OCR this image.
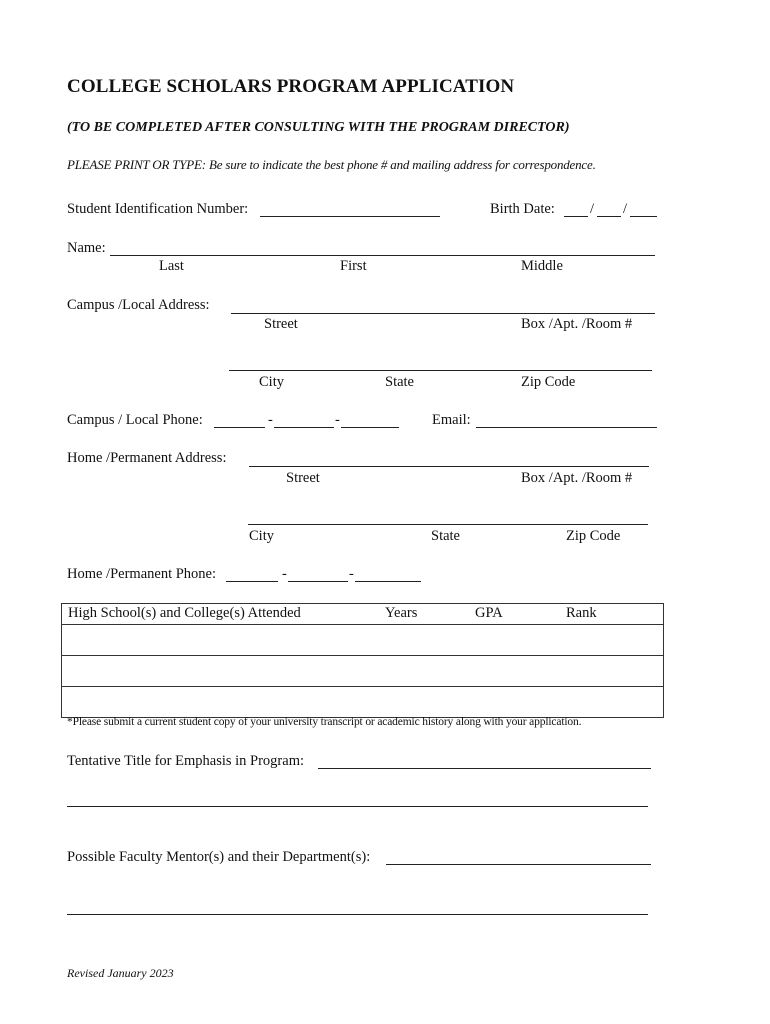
COLLEGE SCHOLARS PROGRAM APPLICATION
(TO BE COMPLETED AFTER CONSULTING WITH THE PROGRAM DIRECTOR)
PLEASE PRINT OR TYPE: Be sure to indicate the best phone # and mailing address for correspondence.
Student Identification Number:	Birth Date: / /
Name:
Last	First	Middle
Campus /Local Address:
Street	Box /Apt. /Room #
City	State	Zip Code
Campus / Local Phone:	-	-	Email:
Home /Permanent Address:
Street	Box /Apt. /Room #
City	State	Zip Code
Home /Permanent Phone:	-	-
High School(s) and College(s) Attended	Years	GPA	Rank

*Please submit a current student copy of your university transcript or academic history along with your application.
Tentative Title for Emphasis in Program:
Possible Faculty Mentor(s) and their Department(s):
Revised January 2023
